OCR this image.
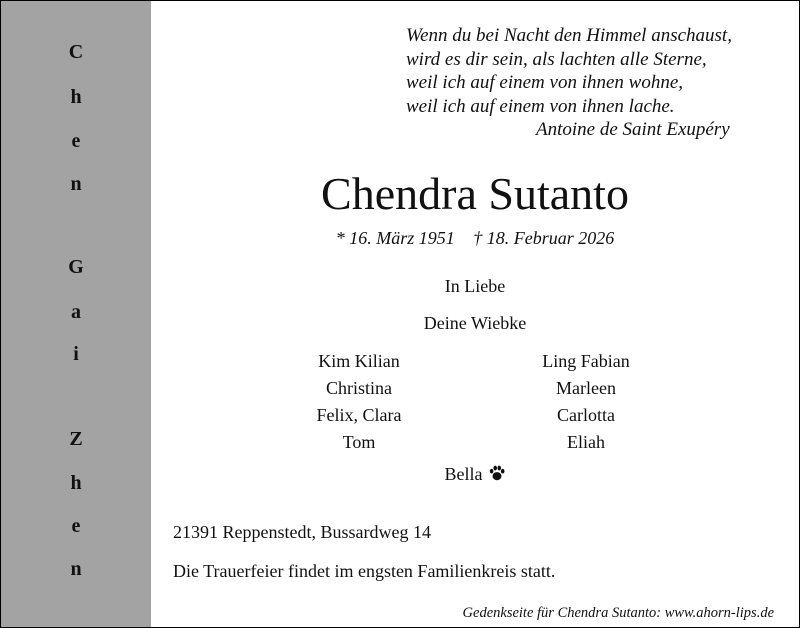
C
h
e
n
G
a
i
Z
h
e
n
Wenn du bei Nacht den Himmel anschaust,
wird es dir sein, als lachten alle Sterne,
weil ich auf einem von ihnen wohne,
weil ich auf einem von ihnen lache.
Antoine de Saint Exupéry
Chendra Sutanto
* 16. März 1951 † 18. Februar 2026
In Liebe
Deine Wiebke
Kim Kilian
Christina
Felix, Clara
Tom
Ling Fabian
Marleen
Carlotta
Eliah
Bella
21391 Reppenstedt, Bussardweg 14
Die Trauerfeier findet im engsten Familienkreis statt.
Gedenkseite für Chendra Sutanto: www.ahorn-lips.de
